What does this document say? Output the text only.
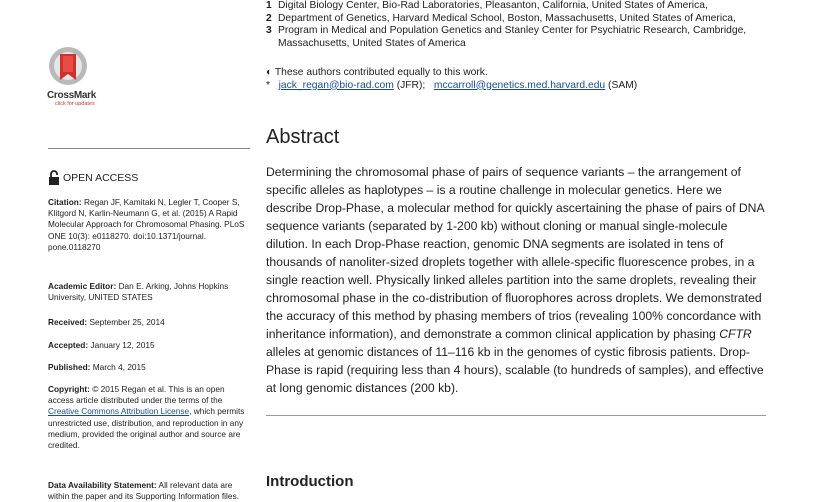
1 Digital Biology Center, Bio-Rad Laboratories, Pleasanton, California, United States of America,
2 Department of Genetics, Harvard Medical School, Boston, Massachusetts, United States of America,
3 Program in Medical and Population Genetics and Stanley Center for Psychiatric Research, Cambridge, Massachusetts, United States of America
◐ These authors contributed equally to this work.
* jack_regan@bio-rad.com (JFR); mccarroll@genetics.med.harvard.edu (SAM)
CrossMark
click for updates
OPEN ACCESS
Citation: Regan JF, Kamitaki N, Legler T, Cooper S, Klitgord N, Karlin-Neumann G, et al. (2015) A Rapid Molecular Approach for Chromosomal Phasing. PLoS ONE 10(3): e0118270. doi:10.1371/journal. pone.0118270
Academic Editor: Dan E. Arking, Johns Hopkins University, UNITED STATES
Received: September 25, 2014
Accepted: January 12, 2015
Published: March 4, 2015
Copyright: © 2015 Regan et al. This is an open access article distributed under the terms of the Creative Commons Attribution License, which permits unrestricted use, distribution, and reproduction in any medium, provided the original author and source are credited.
Data Availability Statement: All relevant data are within the paper and its Supporting Information files.
Abstract
Determining the chromosomal phase of pairs of sequence variants – the arrangement of specific alleles as haplotypes – is a routine challenge in molecular genetics. Here we describe Drop-Phase, a molecular method for quickly ascertaining the phase of pairs of DNA sequence variants (separated by 1-200 kb) without cloning or manual single-molecule dilution. In each Drop-Phase reaction, genomic DNA segments are isolated in tens of thousands of nanoliter-sized droplets together with allele-specific fluorescence probes, in a single reaction well. Physically linked alleles partition into the same droplets, revealing their chromosomal phase in the co-distribution of fluorophores across droplets. We demonstrated the accuracy of this method by phasing members of trios (revealing 100% concordance with inheritance information), and demonstrate a common clinical application by phasing CFTR alleles at genomic distances of 11–116 kb in the genomes of cystic fibrosis patients. Drop-Phase is rapid (requiring less than 4 hours), scalable (to hundreds of samples), and effective at long genomic distances (200 kb).
Introduction
